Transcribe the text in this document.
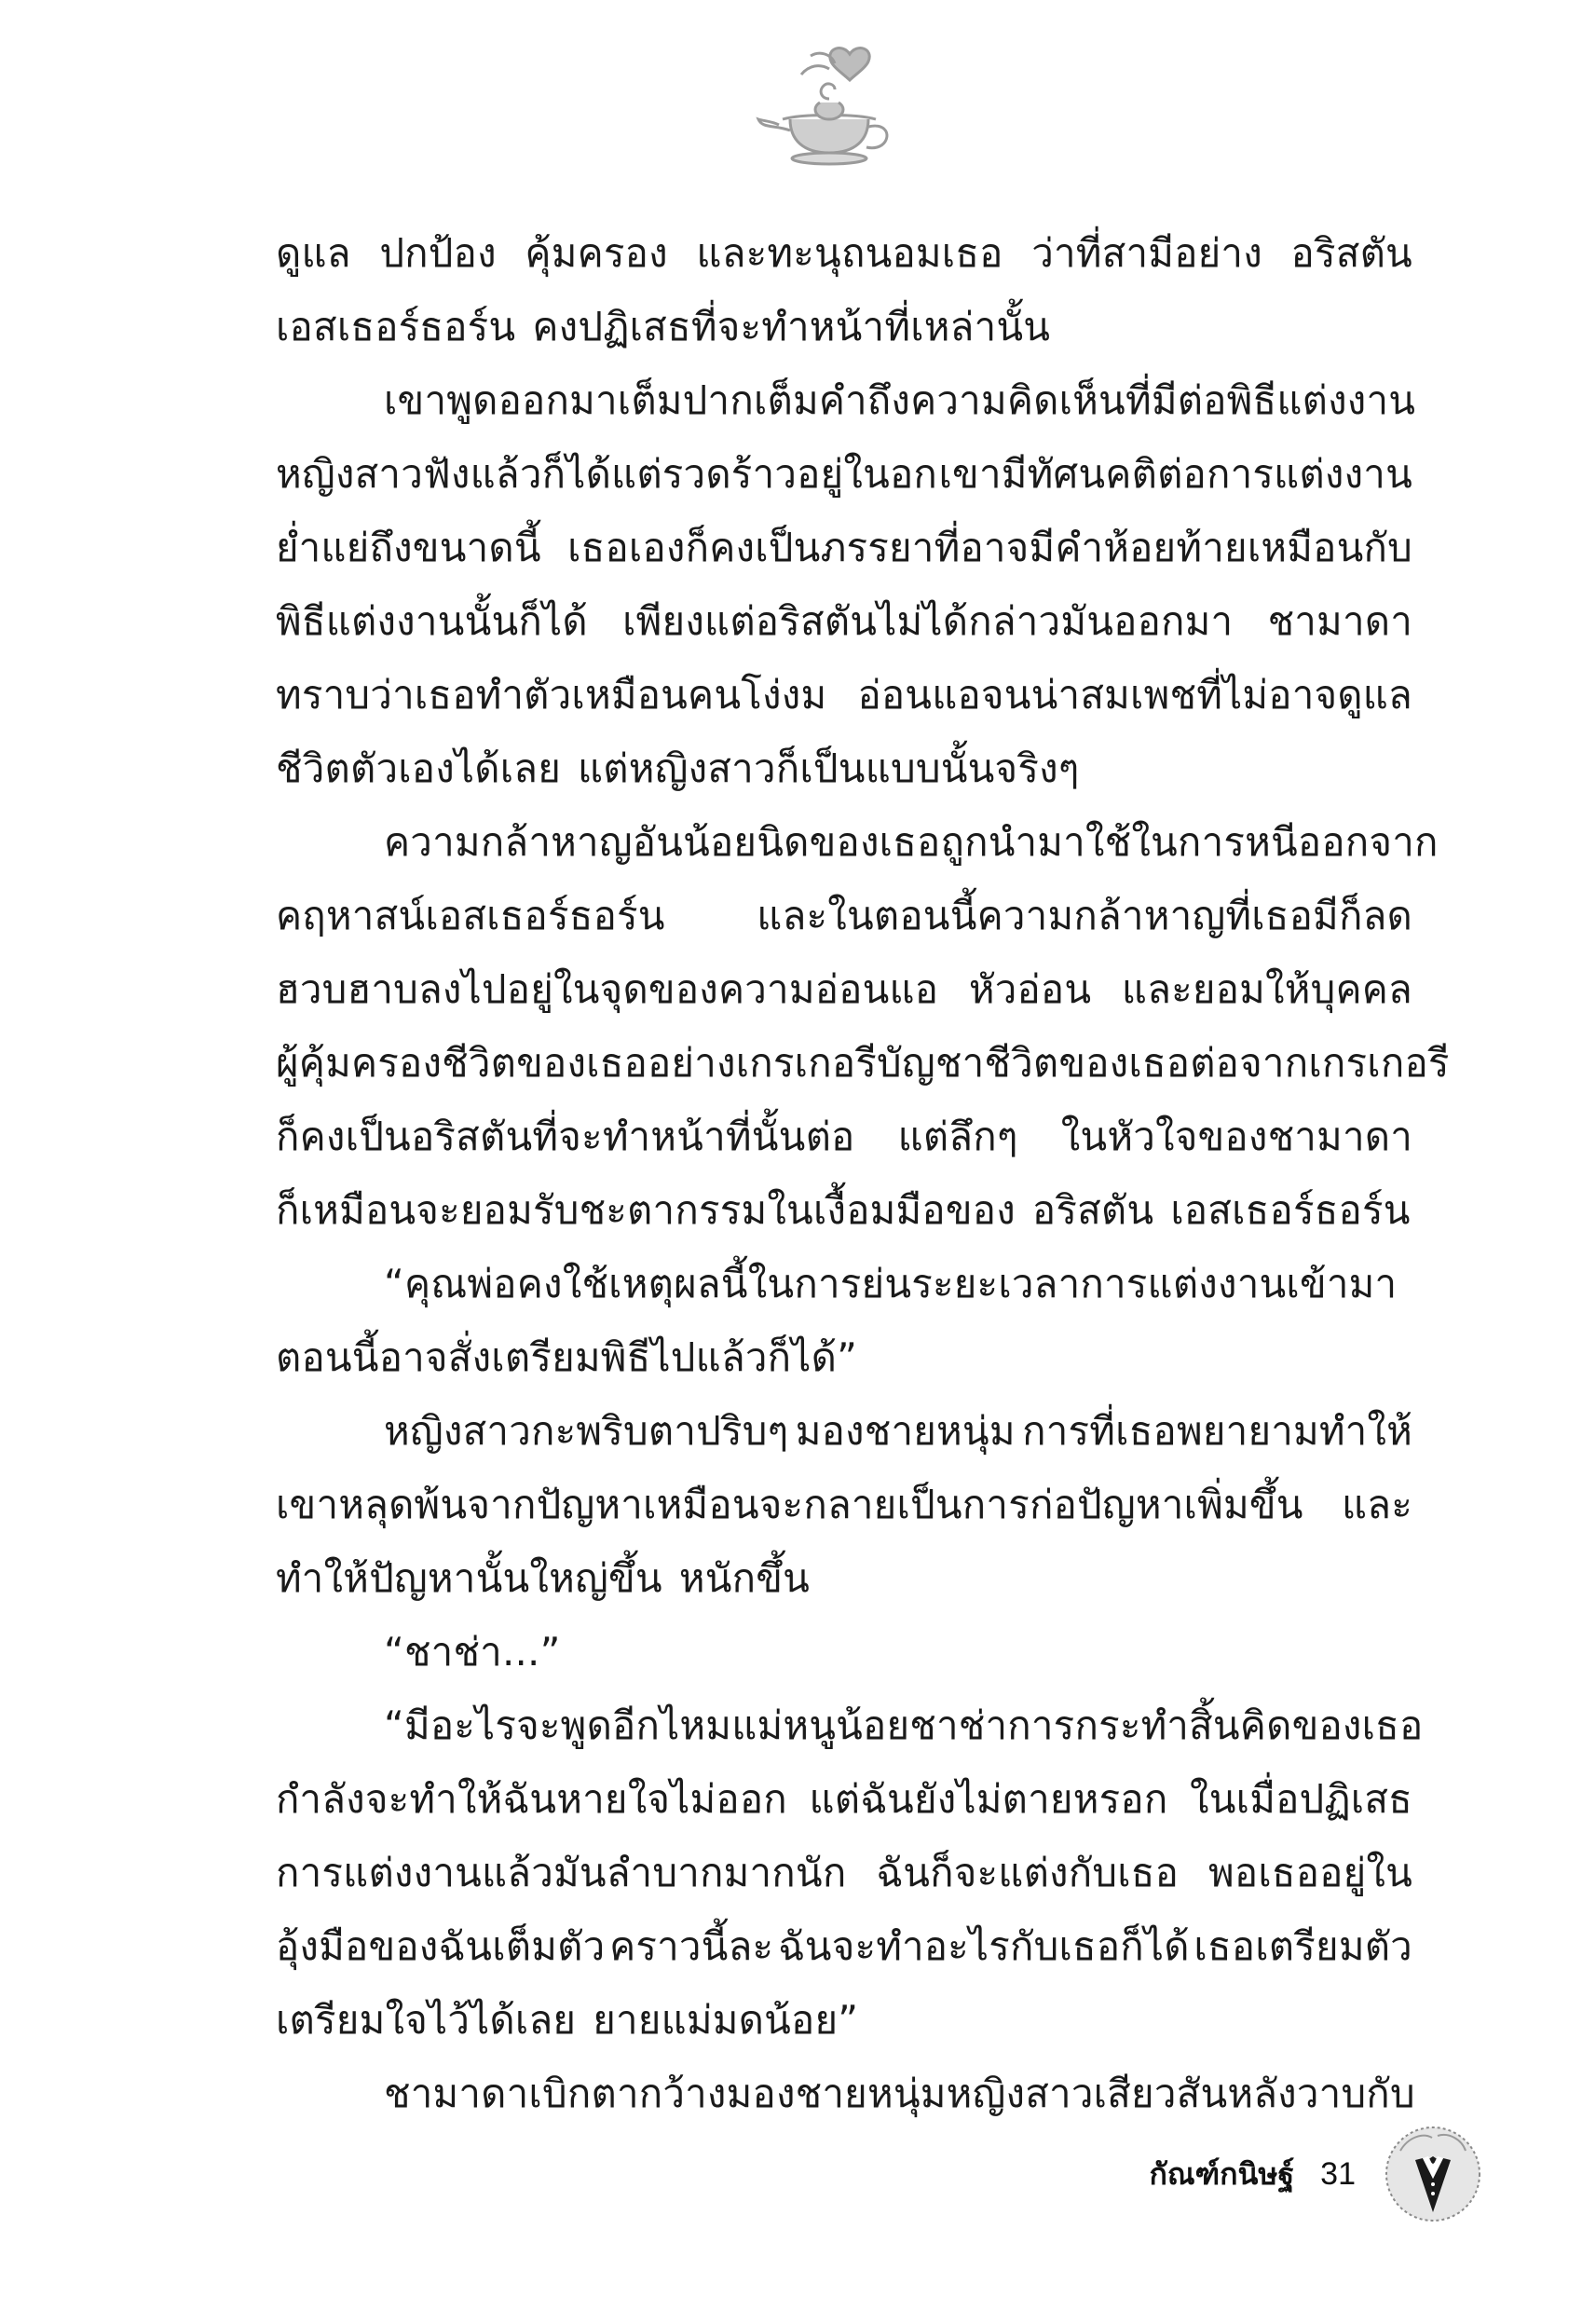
ดูแล ปกป้อง คุ้มครอง และทะนุถนอมเธอ ว่าที่สามีอย่าง อริสตัน
เอสเธอร์ธอร์น คงปฏิเสธที่จะทำหน้าที่เหล่านั้น
เขาพูดออกมาเต็มปากเต็มคำถึงความคิดเห็นที่มีต่อพิธีแต่งงาน
หญิงสาวฟังแล้วก็ได้แต่รวดร้าวอยู่ในอก เขามีทัศนคติต่อการแต่งงาน
ย่ำแย่ถึงขนาดนี้ เธอเองก็คงเป็นภรรยาที่อาจมีคำห้อยท้ายเหมือนกับ
พิธีแต่งงานนั้นก็ได้ เพียงแต่อริสตันไม่ได้กล่าวมันออกมา ชามาดา
ทราบว่าเธอทำตัวเหมือนคนโง่งม อ่อนแอจนน่าสมเพชที่ไม่อาจดูแล
ชีวิตตัวเองได้เลย แต่หญิงสาวก็เป็นแบบนั้นจริงๆ
ความกล้าหาญอันน้อยนิดของเธอถูกนำมาใช้ในการหนีออกจาก
คฤหาสน์เอสเธอร์ธอร์น และในตอนนี้ความกล้าหาญที่เธอมีก็ลด
ฮวบฮาบลงไปอยู่ในจุดของความอ่อนแอ หัวอ่อน และยอมให้บุคคล
ผู้คุ้มครองชีวิตของเธออย่างเกรเกอรีบัญชาชีวิตของเธอ ต่อจากเกรเกอรี
ก็คงเป็นอริสตันที่จะทำหน้าที่นั้นต่อ แต่ลึกๆ ในหัวใจของชามาดา
ก็เหมือนจะยอมรับชะตากรรมในเงื้อมมือของ อริสตัน เอสเธอร์ธอร์น
“คุณพ่อคงใช้เหตุผลนี้ในการย่นระยะเวลาการแต่งงานเข้ามา
ตอนนี้อาจสั่งเตรียมพิธีไปแล้วก็ได้”
หญิงสาวกะพริบตาปริบๆ มองชายหนุ่ม การที่เธอพยายามทำให้
เขาหลุดพ้นจากปัญหาเหมือนจะกลายเป็นการก่อปัญหาเพิ่มขึ้น และ
ทำให้ปัญหานั้นใหญ่ขึ้น หนักขึ้น
“ชาช่า...”
“มีอะไรจะพูดอีกไหม แม่หนูน้อยชาช่า การกระทำสิ้นคิดของเธอ
กำลังจะทำให้ฉันหายใจไม่ออก แต่ฉันยังไม่ตายหรอก ในเมื่อปฏิเสธ
การแต่งงานแล้วมันลำบากมากนัก ฉันก็จะแต่งกับเธอ พอเธออยู่ใน
อุ้งมือของฉันเต็มตัว คราวนี้ละ ฉันจะทำอะไรกับเธอก็ได้ เธอเตรียมตัว
เตรียมใจไว้ได้เลย ยายแม่มดน้อย”
ชามาดาเบิกตากว้างมองชายหนุ่ม หญิงสาวเสียวสันหลังวาบกับ
กัณฑ์กนิษฐ์ 31
